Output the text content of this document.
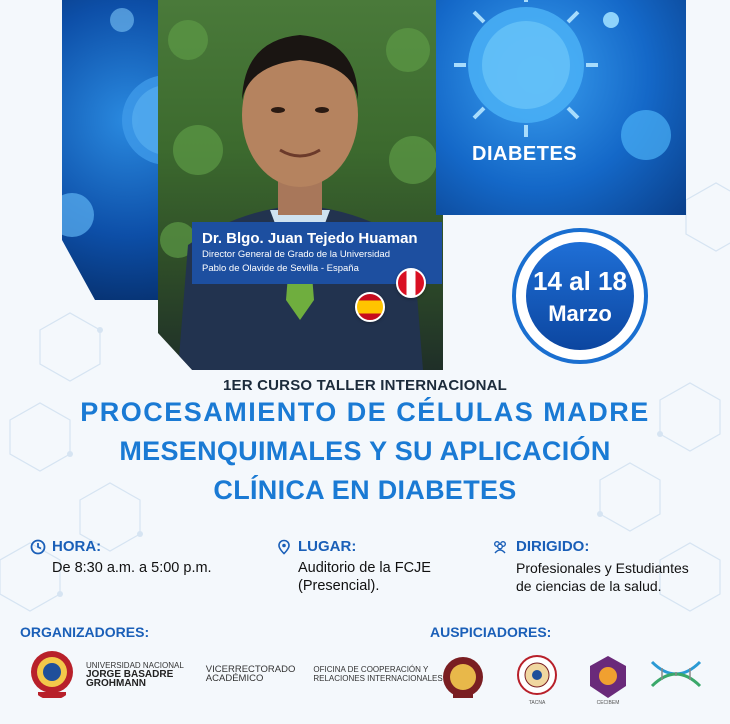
DIABETES
Dr. Blgo. Juan Tejedo Huaman
Director General de Grado de la Universidad
Pablo de Olavide de Sevilla - España	14 al 18
Marzo
1ER CURSO TALLER INTERNACIONAL
PROCESAMIENTO DE CÉLULAS MADRE
MESENQUIMALES Y SU APLICACIÓN
CLÍNICA EN DIABETES
HORA:
De 8:30 a.m. a 5:00 p.m.
LUGAR:
Auditorio de la FCJE
(Presencial).
DIRIGIDO:
Profesionales y Estudiantes
de ciencias de la salud.
ORGANIZADORES:
UNIVERSIDAD NACIONAL
JORGE BASADRE
GROHMANN
VICERRECTORADO
ACADÉMICO
OFICINA DE COOPERACIÓN Y
RELACIONES INTERNACIONALES
AUSPICIADORES:
TACNA	CECIBEM
